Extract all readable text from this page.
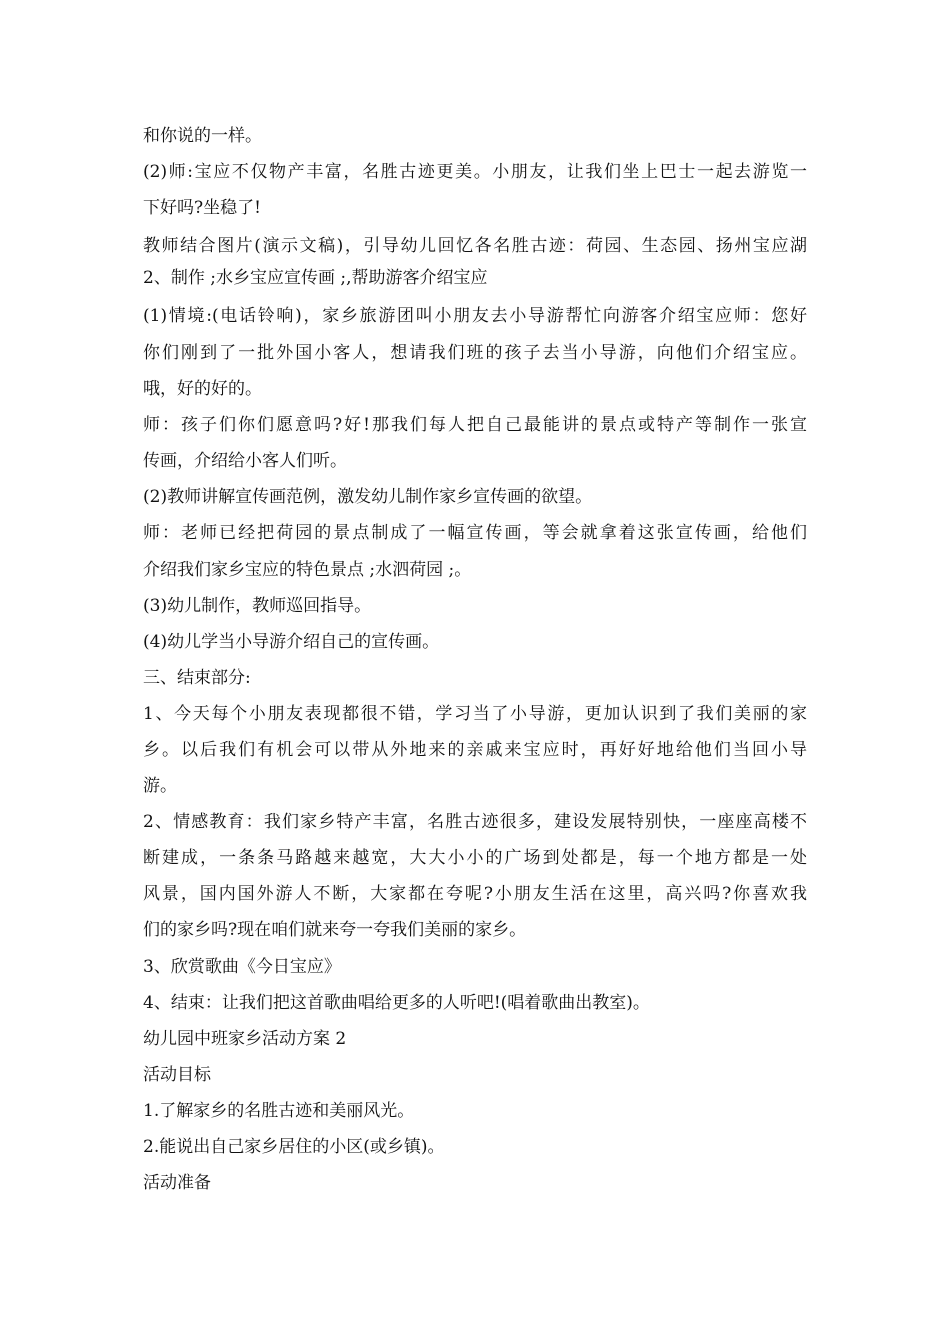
和你说的一样。
(2)师:宝应不仅物产丰富，名胜古迹更美。小朋友，让我们坐上巴士一起去游览一
下好吗?坐稳了!
教师结合图片(演示文稿)，引导幼儿回忆各名胜古迹：荷园、生态园、扬州宝应湖
2、制作 ;水乡宝应宣传画 ;,帮助游客介绍宝应
(1)情境:(电话铃响)，家乡旅游团叫小朋友去小导游帮忙向游客介绍宝应师：您好
你们刚到了一批外国小客人，想请我们班的孩子去当小导游，向他们介绍宝应。
哦，好的好的。
师：孩子们你们愿意吗?好!那我们每人把自己最能讲的景点或特产等制作一张宣
传画，介绍给小客人们听。
(2)教师讲解宣传画范例，激发幼儿制作家乡宣传画的欲望。
师：老师已经把荷园的景点制成了一幅宣传画，等会就拿着这张宣传画，给他们
介绍我们家乡宝应的特色景点 ;水泗荷园 ;。
(3)幼儿制作，教师巡回指导。
(4)幼儿学当小导游介绍自己的宣传画。
三、结束部分:
1、今天每个小朋友表现都很不错，学习当了小导游，更加认识到了我们美丽的家
乡。以后我们有机会可以带从外地来的亲戚来宝应时，再好好地给他们当回小导
游。
2、情感教育：我们家乡特产丰富，名胜古迹很多，建设发展特别快，一座座高楼不
断建成，一条条马路越来越宽，大大小小的广场到处都是，每一个地方都是一处
风景，国内国外游人不断，大家都在夸呢?小朋友生活在这里，高兴吗?你喜欢我
们的家乡吗?现在咱们就来夸一夸我们美丽的家乡。
3、欣赏歌曲《今日宝应》
4、结束：让我们把这首歌曲唱给更多的人听吧!(唱着歌曲出教室)。
幼儿园中班家乡活动方案 2
活动目标
1.了解家乡的名胜古迹和美丽风光。
2.能说出自己家乡居住的小区(或乡镇)。
活动准备
